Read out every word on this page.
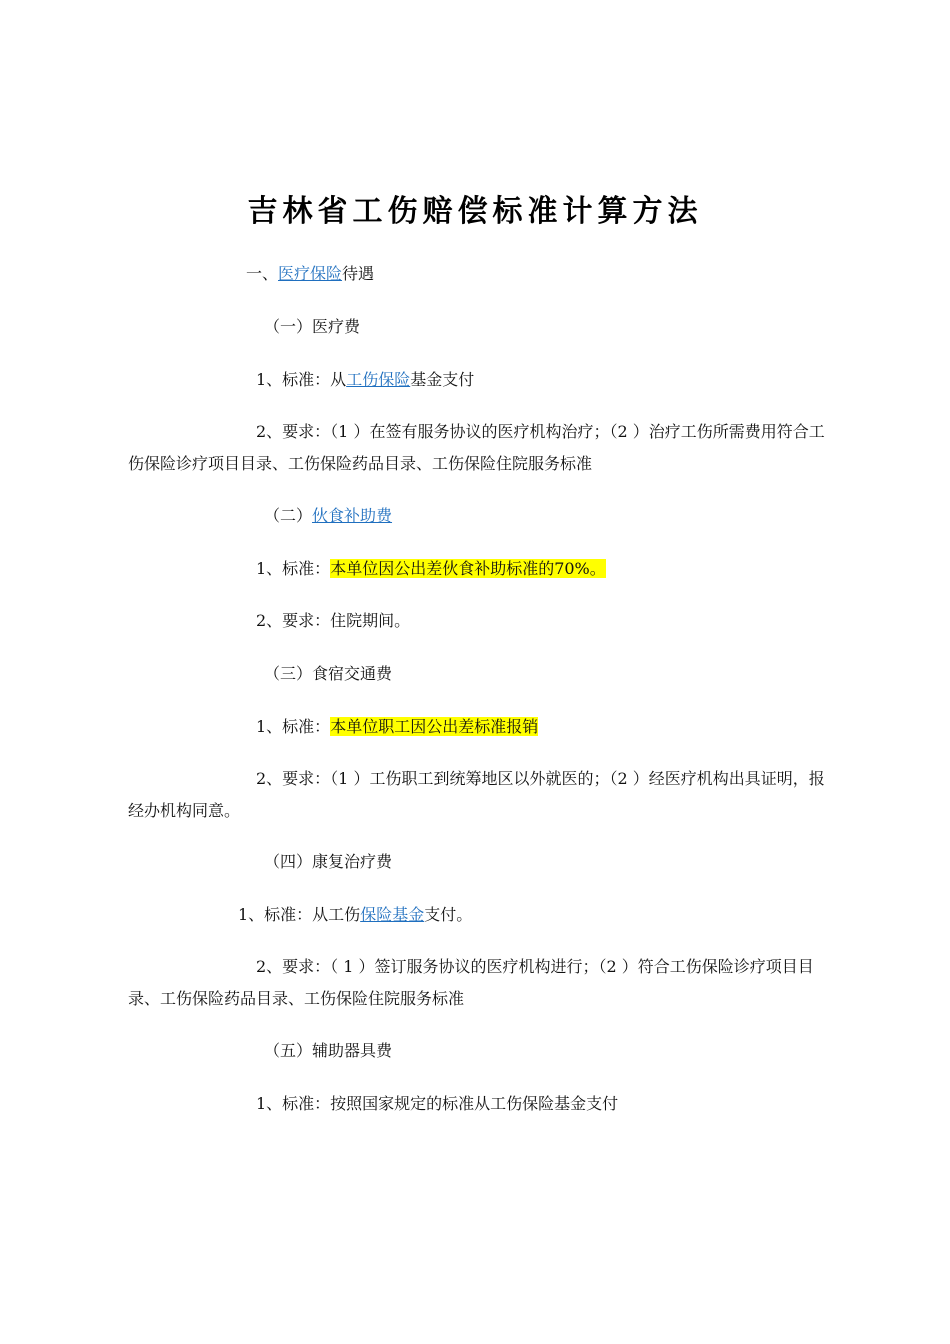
吉林省工伤赔偿标准计算方法
一、医疗保险待遇
（一）医疗费
1、标准：从工伤保险基金支付
2、要求：（1 ）在签有服务协议的医疗机构治疗；（2 ）治疗工伤所需费用符合工伤保险诊疗项目目录、工伤保险药品目录、工伤保险住院服务标准
（二）伙食补助费
1、标准：本单位因公出差伙食补助标准的70%。
2、要求：住院期间。
（三）食宿交通费
1、标准：本单位职工因公出差标准报销
2、要求：（1 ）工伤职工到统筹地区以外就医的；（2 ）经医疗机构出具证明，报经办机构同意。
（四）康复治疗费
1、标准：从工伤保险基金支付。
2、要求：（ 1 ）签订服务协议的医疗机构进行；（2 ）符合工伤保险诊疗项目目录、工伤保险药品目录、工伤保险住院服务标准
（五）辅助器具费
1、标准：按照国家规定的标准从工伤保险基金支付
